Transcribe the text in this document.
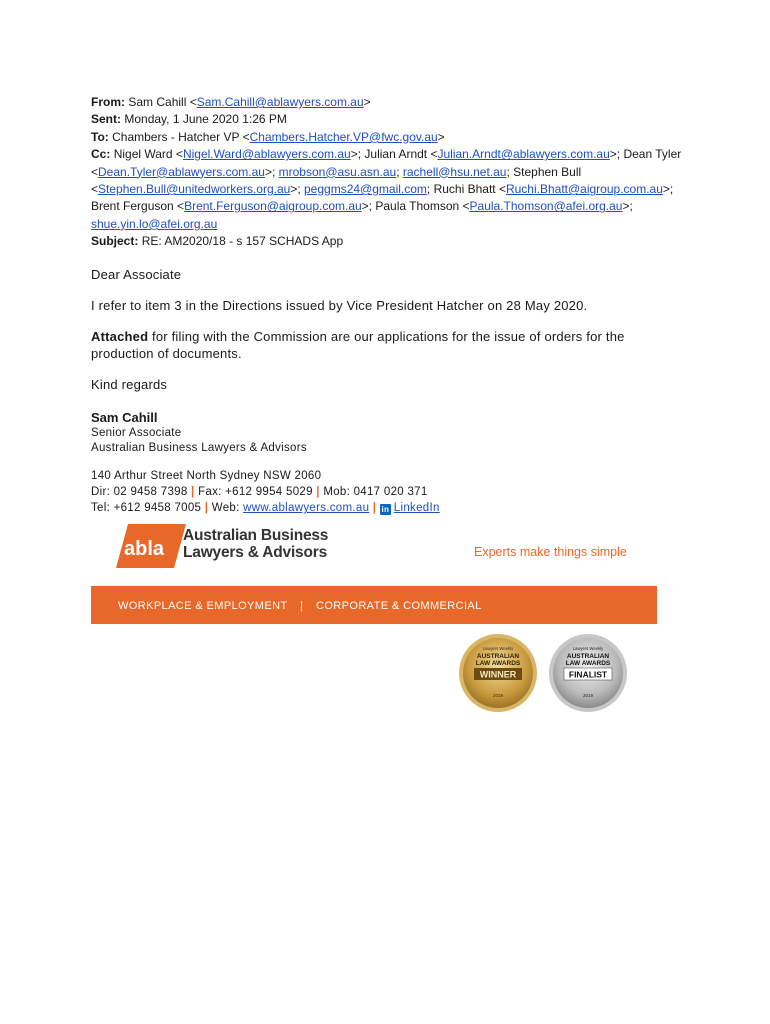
From: Sam Cahill <Sam.Cahill@ablawyers.com.au>

Sent: Monday, 1 June 2020 1:26 PM

To: Chambers - Hatcher VP <Chambers.Hatcher.VP@fwc.gov.au>

Cc: Nigel Ward <Nigel.Ward@ablawyers.com.au>; Julian Arndt <Julian.Arndt@ablawyers.com.au>; Dean Tyler <Dean.Tyler@ablawyers.com.au>; mrobson@asu.asn.au; rachell@hsu.net.au; Stephen Bull <Stephen.Bull@unitedworkers.org.au>; peggms24@gmail.com; Ruchi Bhatt <Ruchi.Bhatt@aigroup.com.au>; Brent Ferguson <Brent.Ferguson@aigroup.com.au>; Paula Thomson <Paula.Thomson@afei.org.au>; shue.yin.lo@afei.org.au

Subject: RE: AM2020/18 - s 157 SCHADS App

Dear Associate

I refer to item 3 in the Directions issued by Vice President Hatcher on 28 May 2020.

Attached for filing with the Commission are our applications for the issue of orders for the production of documents.

Kind regards

Sam Cahill
Senior Associate
Australian Business Lawyers & Advisors
140 Arthur Street North Sydney NSW 2060
Dir: 02 9458 7398 | Fax: +612 9954 5029 | Mob: 0417 020 371
Tel: +612 9458 7005 | Web: www.ablawyers.com.au | in LinkedIn
abla
Australian Business
Lawyers & Advisors	Experts make things simple
WORKPLACE & EMPLOYMENT | CORPORATE & COMMERCIAL
Lawyers Weekly
AUSTRALIAN
LAW AWARDS
WINNER
2019
Lawyers Weekly
AUSTRALIAN
LAW AWARDS
FINALIST
2019
